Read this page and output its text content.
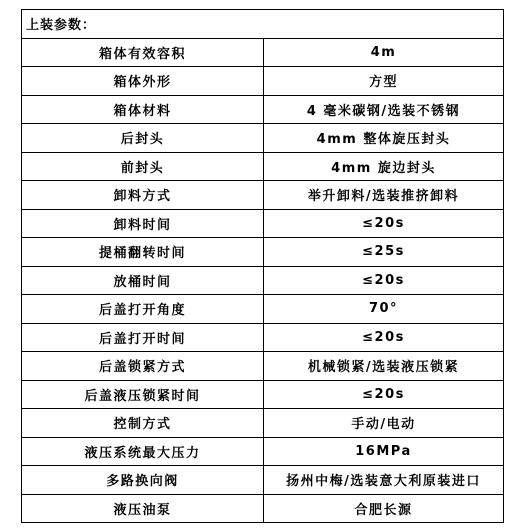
上装参数：	
箱体有效容积	4m
箱体外形	方型
箱体材料	4 毫米碳钢/选装不锈钢
后封头	4mm 整体旋压封头
前封头	4mm 旋边封头
卸料方式	举升卸料/选装推挤卸料
卸料时间	≤20s
提桶翻转时间	≤25s
放桶时间	≤20s
后盖打开角度	70°
后盖打开时间	≤20s
后盖锁紧方式	机械锁紧/选装液压锁紧
后盖液压锁紧时间	≤20s
控制方式	手动/电动
液压系统最大压力	16MPa
多路换向阀	扬州中梅/选装意大利原装进口
液压油泵	合肥长源
